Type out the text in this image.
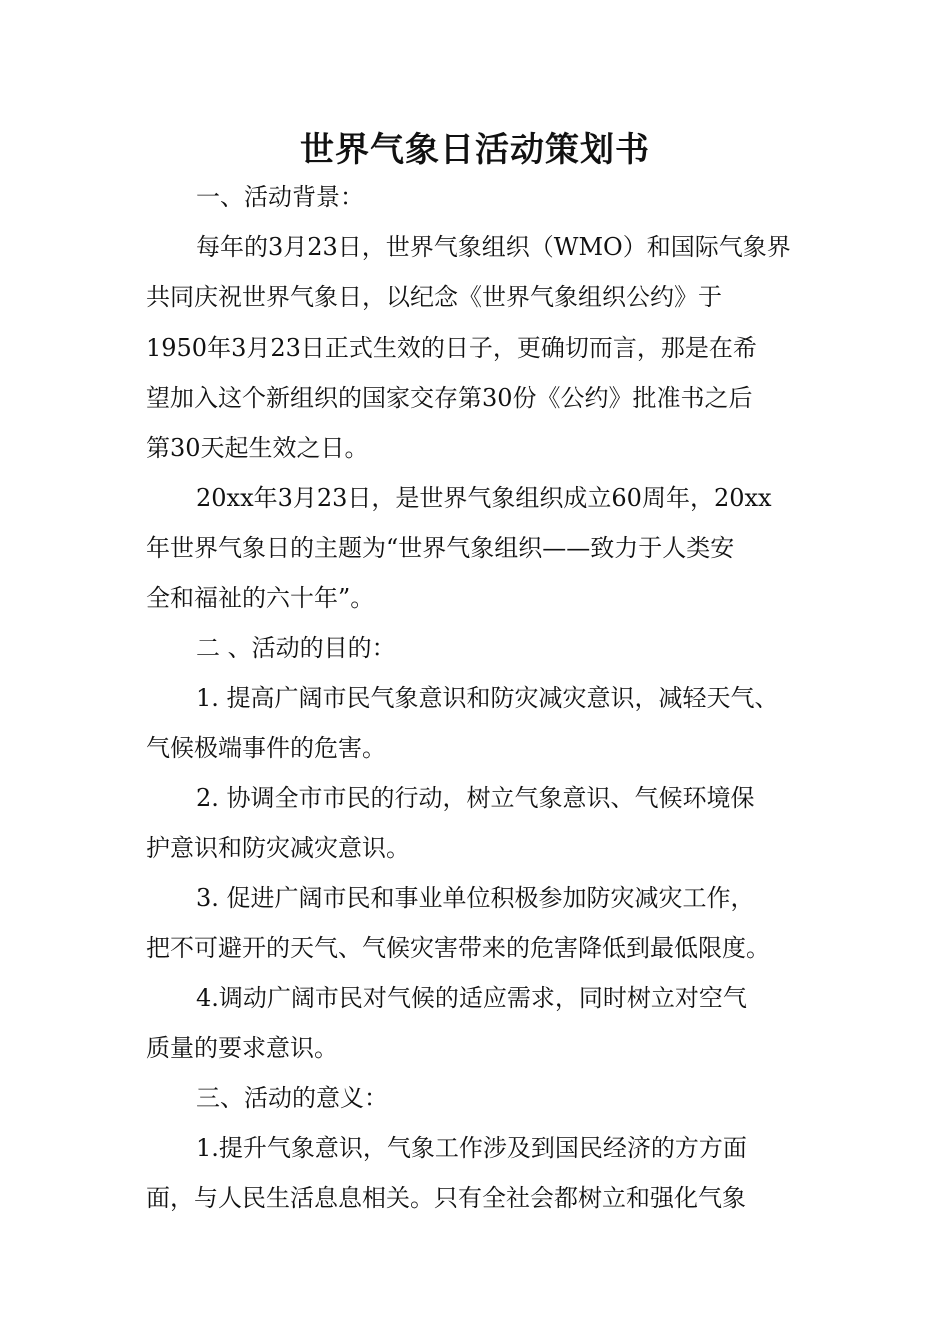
世界气象日活动策划书
一、活动背景：
每年的3月23日，世界气象组织（WMO）和国际气象界
共同庆祝世界气象日，以纪念《世界气象组织公约》于
1950年3月23日正式生效的日子，更确切而言，那是在希
望加入这个新组织的国家交存第30份《公约》批准书之后
第30天起生效之日。
20xx年3月23日，是世界气象组织成立60周年，20xx
年世界气象日的主题为“世界气象组织——致力于人类安
全和福祉的六十年”。
二 、活动的目的：
1. 提高广阔市民气象意识和防灾减灾意识，减轻天气、
气候极端事件的危害。
2. 协调全市市民的行动，树立气象意识、气候环境保
护意识和防灾减灾意识。
3. 促进广阔市民和事业单位积极参加防灾减灾工作，
把不可避开的天气、气候灾害带来的危害降低到最低限度。
4.调动广阔市民对气候的适应需求，同时树立对空气
质量的要求意识。
三、活动的意义：
1.提升气象意识，气象工作涉及到国民经济的方方面
面，与人民生活息息相关。只有全社会都树立和强化气象
